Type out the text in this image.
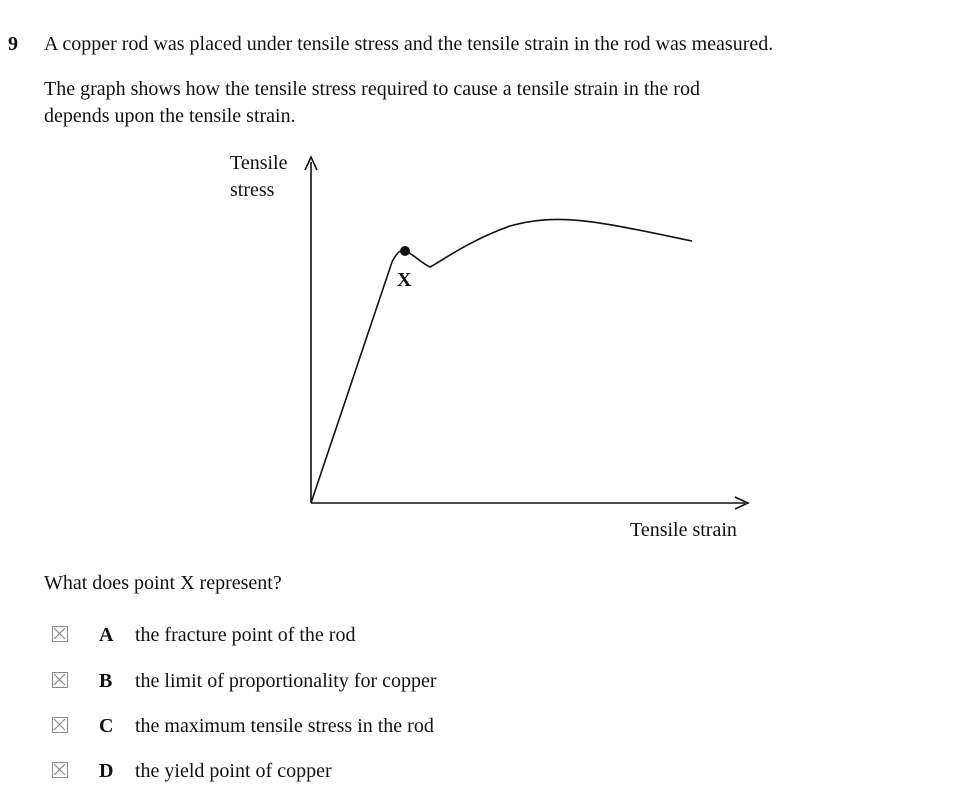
9 A copper rod was placed under tensile stress and the tensile strain in the rod was measured.

The graph shows how the tensile stress required to cause a tensile strain in the rod
depends upon the tensile strain.

X
Tensile
stress
Tensile strain

What does point X represent?

A the fracture point of the rod
B the limit of proportionality for copper
C the maximum tensile stress in the rod
D the yield point of copper
